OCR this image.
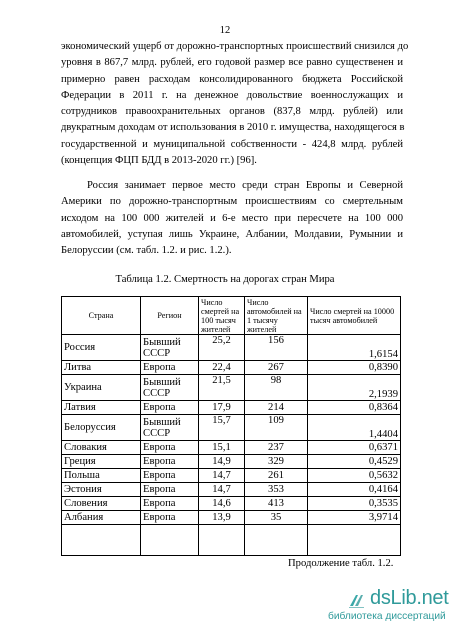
12
экономический ущерб от дорожно-транспортных происшествий снизился до
уровня в 867,7 млрд. рублей, его годовой размер все равно существенен и
примерно равен расходам консолидированного бюджета Российской
Федерации в 2011 г. на денежное довольствие военнослужащих и
сотрудников правоохранительных органов (837,8 млрд. рублей) или
двукратным доходам от использования в 2010 г. имущества, находящегося в
государственной и муниципальной собственности - 424,8 млрд. рублей
(концепция ФЦП БДД в 2013-2020 гг.) [96].
Россия занимает первое место среди стран Европы и Северной
Америки по дорожно-транспортным происшествиям со смертельным
исходом на 100 000 жителей и 6-е место при пересчете на 100 000
автомобилей, уступая лишь Украине, Албании, Молдавии, Румынии и
Белоруссии (см. табл. 1.2. и рис. 1.2.).
Таблица 1.2. Смертность на дорогах стран Мира
Страна	Регион	Число смертей на 100 тысяч жителей	Число автомобилей на 1 тысячу жителей	Число смертей на 10000 тысяч автомобилей
Россия	Бывший СССР	25,2	156	1,6154
Литва	Европа	22,4	267	0,8390
Украина	Бывший СССР	21,5	98	2,1939
Латвия	Европа	17,9	214	0,8364
Белоруссия	Бывший СССР	15,7	109	1,4404
Словакия	Европа	15,1	237	0,6371
Греция	Европа	14,9	329	0,4529
Польша	Европа	14,7	261	0,5632
Эстония	Европа	14,7	353	0,4164
Словения	Европа	14,6	413	0,3535
Албания	Европа	13,9	35	3,9714

Продолжение табл. 1.2.
dsLib.net
библиотека диссертаций
